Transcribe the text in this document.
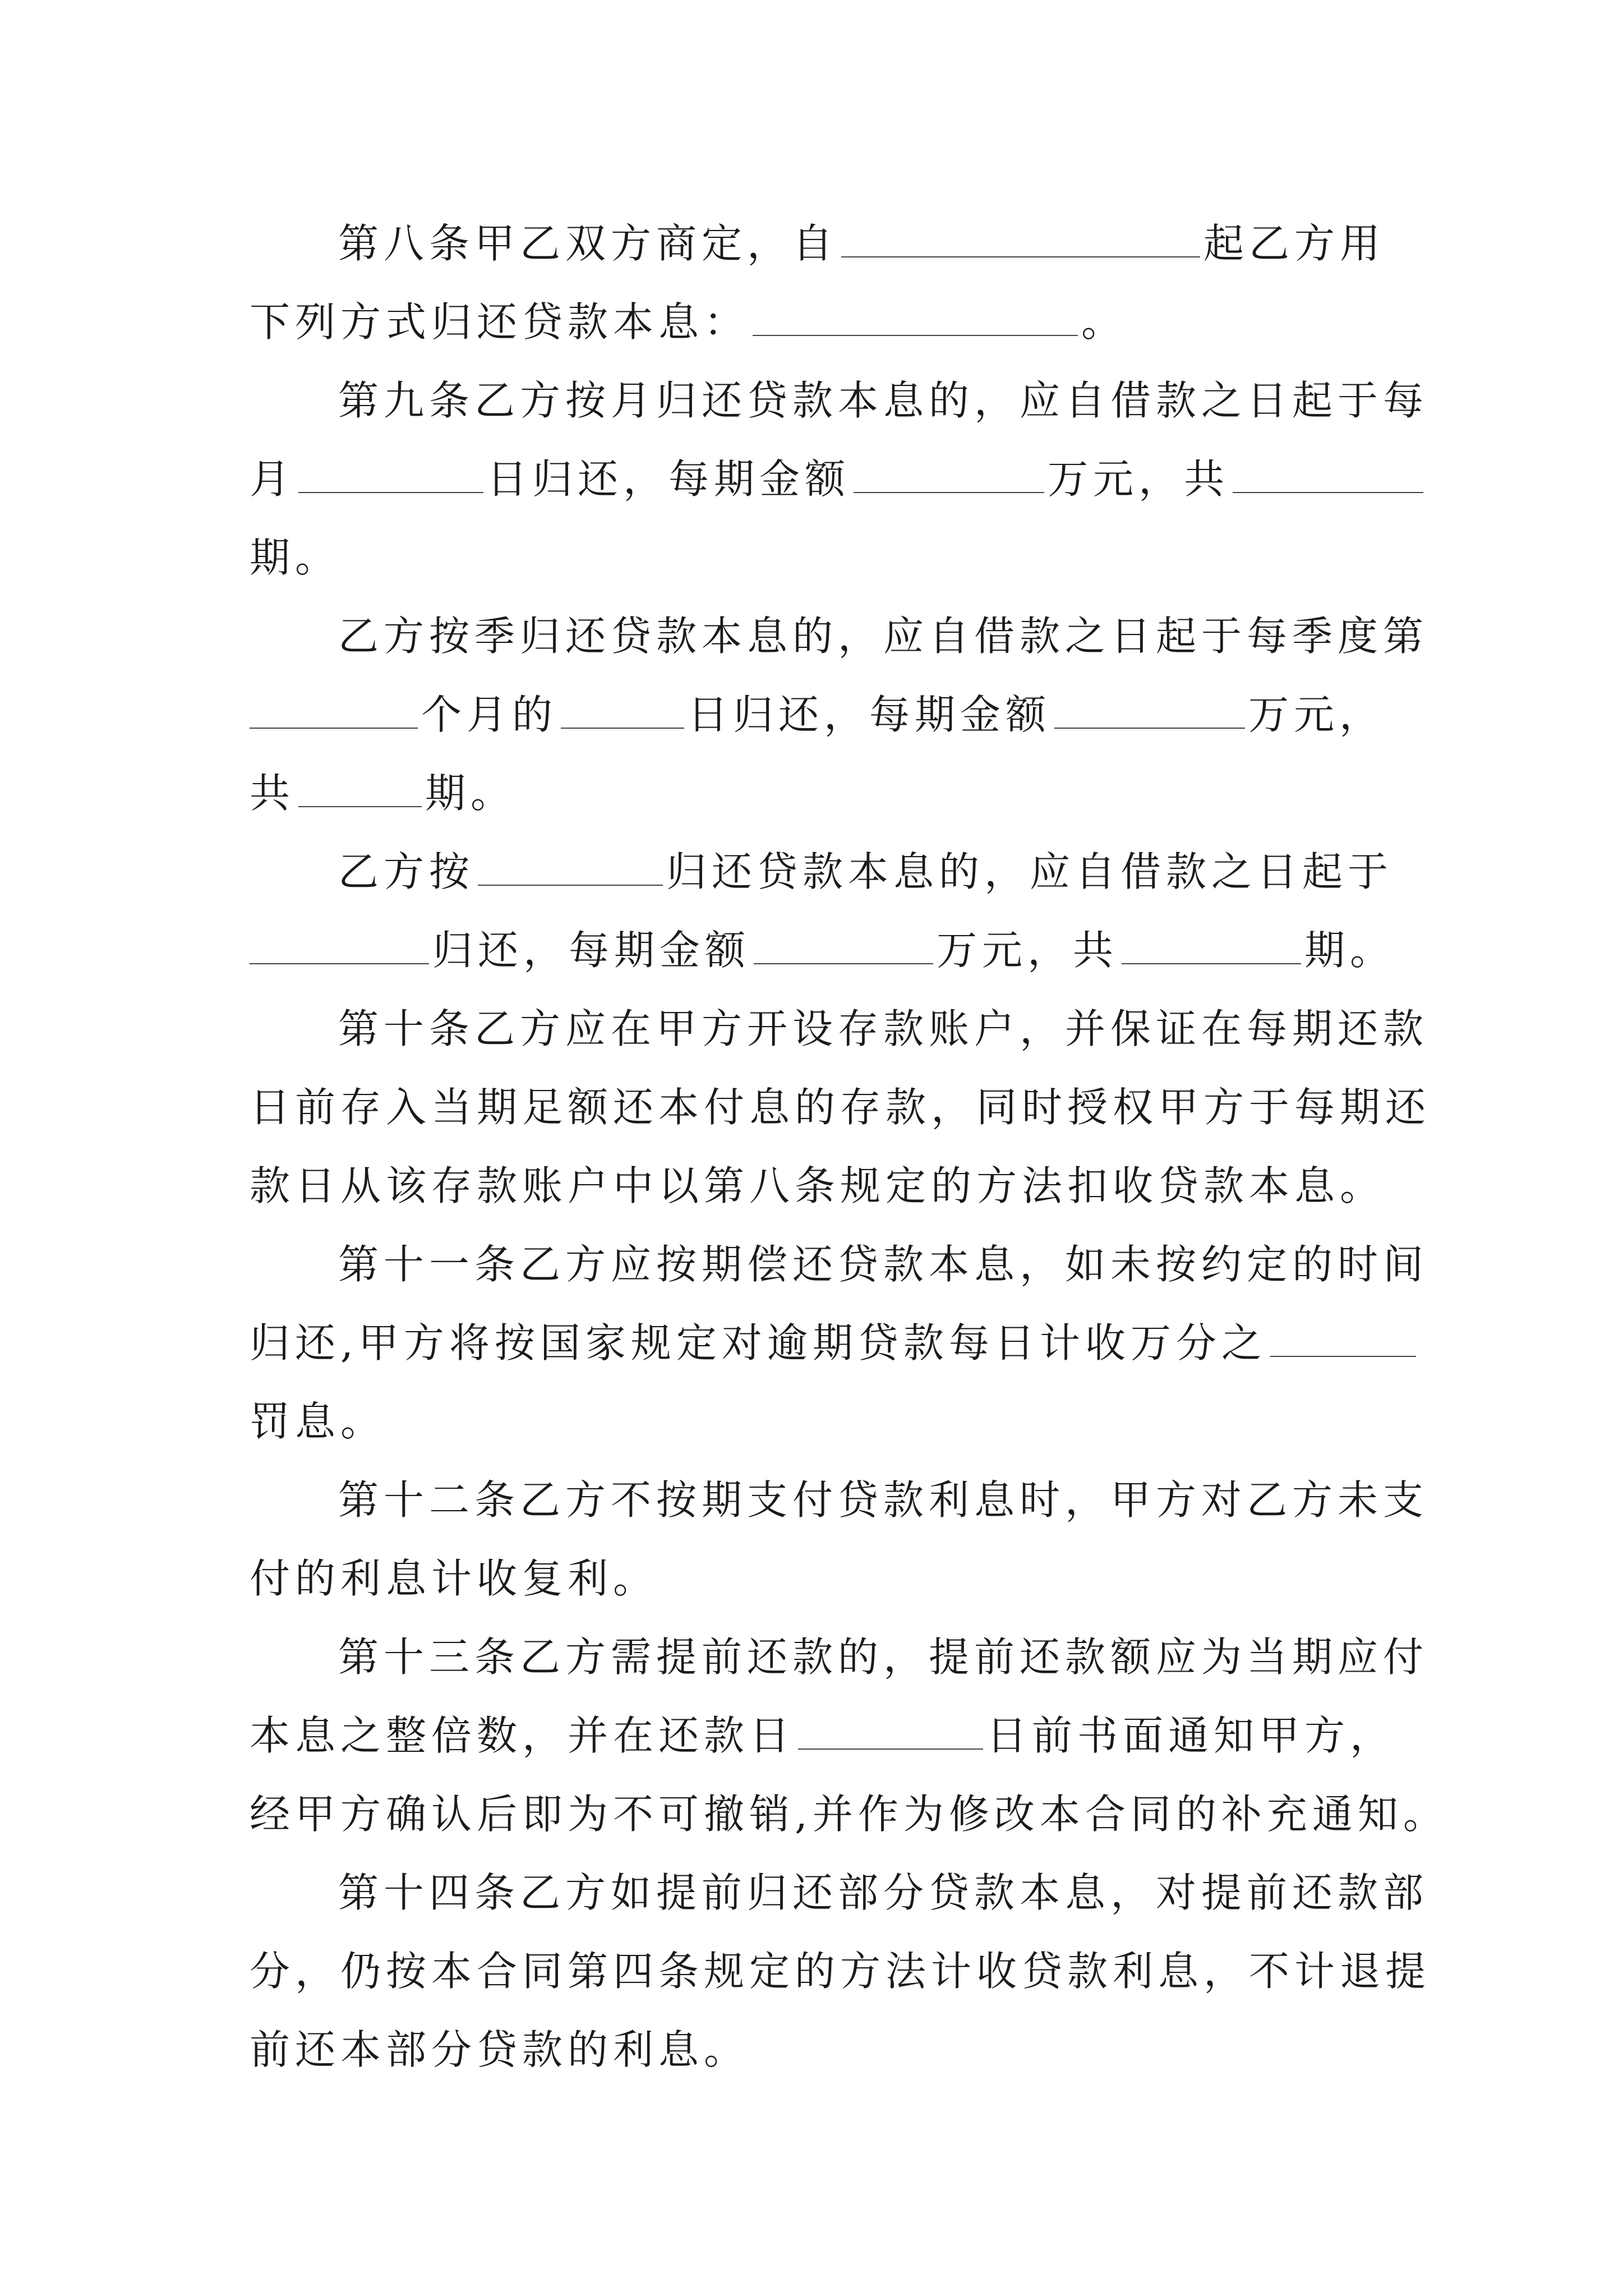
第八条甲乙双方商定，自	起乙方用
下列方式归还贷款本息：	。
第九条乙方按月归还贷款本息的，应自借款之日起于每
月	日归还，每期金额	万元，共
期。
乙方按季归还贷款本息的，应自借款之日起于每季度第
个月的	日归还，每期金额	万元，
共	期。
乙方按	归还贷款本息的，应自借款之日起于
归还，每期金额	万元，共	期。
第十条乙方应在甲方开设存款账户，并保证在每期还款
日前存入当期足额还本付息的存款，同时授权甲方于每期还
款日从该存款账户中以第八条规定的方法扣收贷款本息。
第十一条乙方应按期偿还贷款本息，如未按约定的时间
归还,甲方将按国家规定对逾期贷款每日计收万分之
罚息。
第十二条乙方不按期支付贷款利息时，甲方对乙方未支
付的利息计收复利。
第十三条乙方需提前还款的，提前还款额应为当期应付
本息之整倍数，并在还款日	日前书面通知甲方，
经甲方确认后即为不可撤销,并作为修改本合同的补充通知。
第十四条乙方如提前归还部分贷款本息，对提前还款部
分，仍按本合同第四条规定的方法计收贷款利息，不计退提
前还本部分贷款的利息。
